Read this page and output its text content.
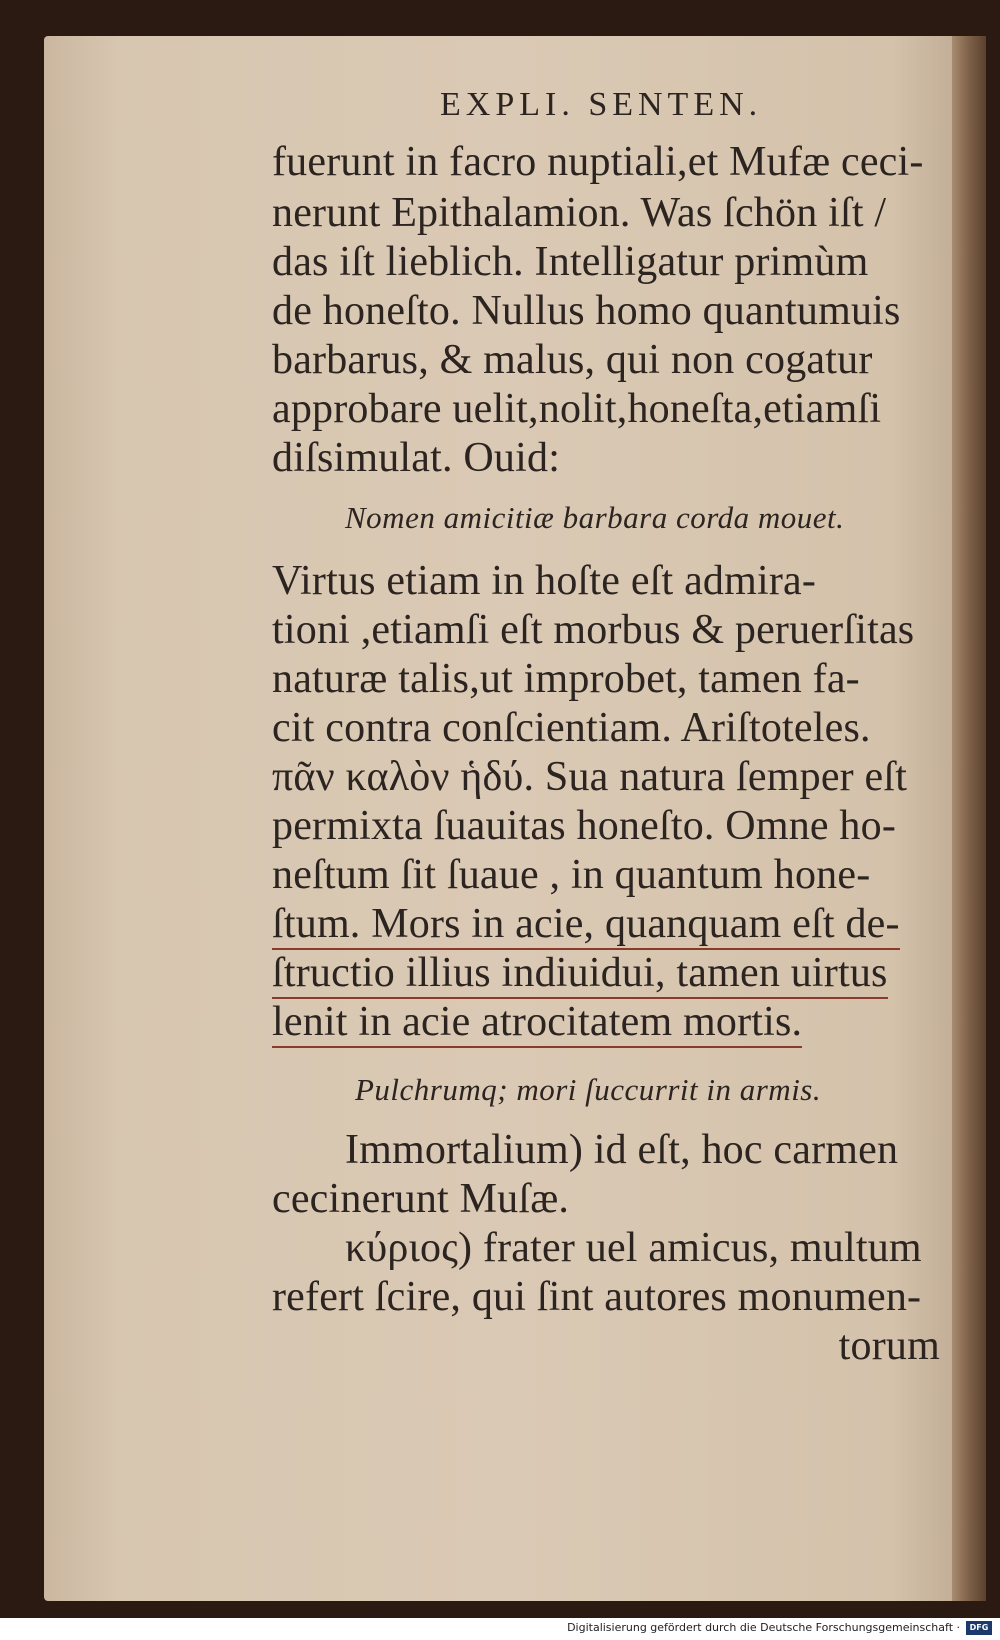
EXPLI. SENTEN.
fuerunt in facro nuptiali,et Mufæ ceci-
nerunt Epithalamion. Was ſchön iſt /
das iſt lieblich. Intelligatur primùm
de honeſto. Nullus homo quantumuis
barbarus, & malus, qui non cogatur
approbare uelit,nolit,honeſta,etiamſi
diſsimulat. Ouid:
Nomen amicitiæ barbara corda mouet.
Virtus etiam in hoſte eſt admira-
tioni ,etiamſi eſt morbus & peruerſitas
naturæ talis,ut improbet, tamen fa-
cit contra conſcientiam. Ariſtoteles.
πᾶν καλὸν ἡδύ. Sua natura ſemper eſt
permixta ſuauitas honeſto. Omne ho-
neſtum ſit ſuaue , in quantum hone-
ſtum. Mors in acie, quanquam eſt de-
ſtructio illius indiuidui, tamen uirtus
lenit in acie atrocitatem mortis.
Pulchrumq; mori ſuccurrit in armis.
Immortalium) id eſt, hoc carmen
cecinerunt Muſæ.
κύριος) frater uel amicus, multum
refert ſcire, qui ſint autores monumen-
torum
Digitalisierung gefördert durch die Deutsche Forschungsgemeinschaft ·	DFG
